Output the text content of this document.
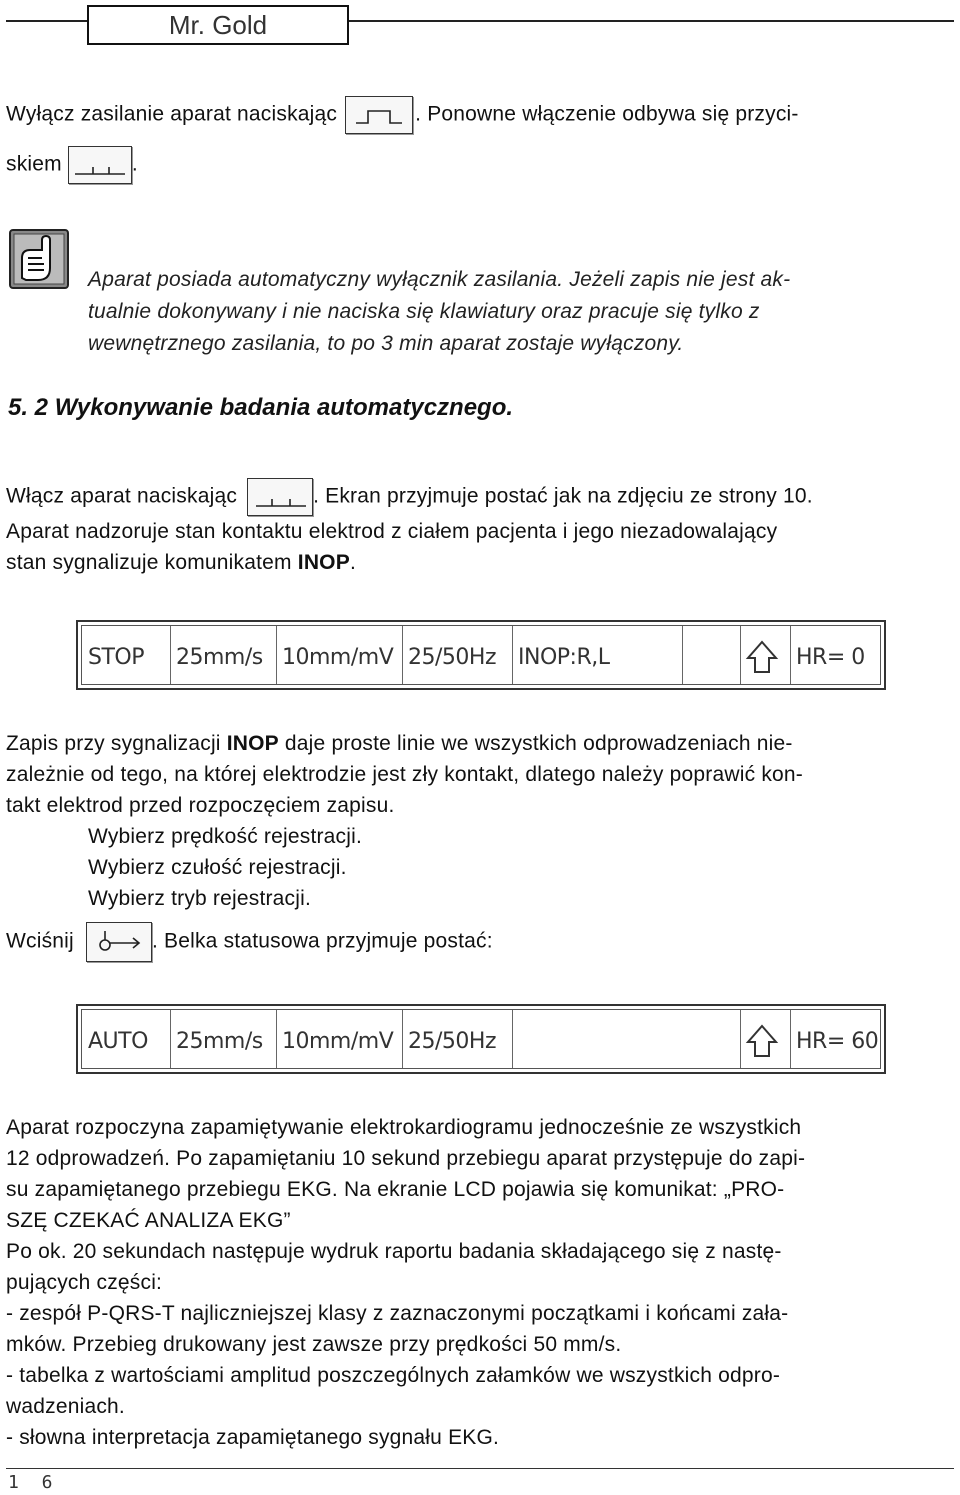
Mr. Gold
Wyłącz zasilanie aparat naciskając	. Ponowne włączenie odbywa się przyci-
skiem	.
Aparat posiada automatyczny wyłącznik zasilania. Jeżeli zapis nie jest ak-
tualnie dokonywany i nie naciska się klawiatury oraz pracuje się tylko z
wewnętrznego zasilania, to po 3 min aparat zostaje wyłączony.
5. 2 Wykonywanie badania automatycznego.
Włącz aparat naciskając	. Ekran przyjmuje postać jak na zdjęciu ze strony 10.
Aparat nadzoruje stan kontaktu elektrod z ciałem pacjenta i jego niezadowalający
stan sygnalizuje komunikatem INOP.
STOP	25mm/s 10mm/mV 25/50Hz	INOP:R,L	HR= 0
Zapis przy sygnalizacji INOP daje proste linie we wszystkich odprowadzeniach nie-
zależnie od tego, na której elektrodzie jest zły kontakt, dlatego należy poprawić kon-
takt elektrod przed rozpoczęciem zapisu.
Wybierz prędkość rejestracji.
Wybierz czułość rejestracji.
Wybierz tryb rejestracji.
Wciśnij	. Belka statusowa przyjmuje postać:
AUTO	25mm/s 10mm/mV 25/50Hz	HR= 60
Aparat rozpoczyna zapamiętywanie elektrokardiogramu jednocześnie ze wszystkich
12 odprowadzeń. Po zapamiętaniu 10 sekund przebiegu aparat przystępuje do zapi-
su zapamiętanego przebiegu EKG. Na ekranie LCD pojawia się komunikat: „PRO-
SZĘ CZEKAĆ ANALIZA EKG”
Po ok. 20 sekundach następuje wydruk raportu badania składającego się z nastę-
pujących części:
- zespół P-QRS-T najliczniejszej klasy z zaznaczonymi początkami i końcami zała-
mków. Przebieg drukowany jest zawsze przy prędkości 50 mm/s.
- tabelka z wartościami amplitud poszczególnych załamków we wszystkich odpro-
wadzeniach.
- słowna interpretacja zapamiętanego sygnału EKG.
1 6
